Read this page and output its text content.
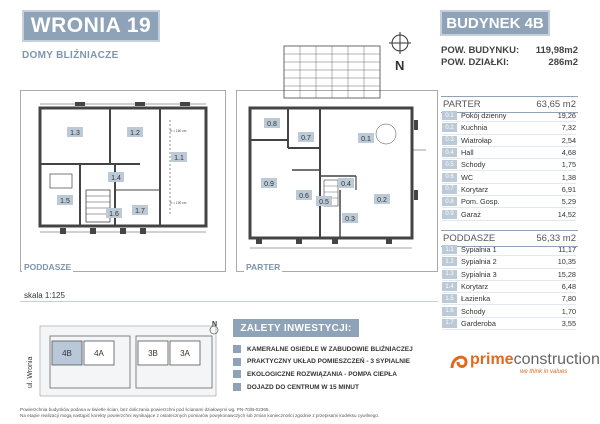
WRONIA 19
DOMY BLIŹNIACZE
N
BUDYNEK 4B
POW. BUDYNKU: 119,98m2
POW. DZIAŁKI:	286m2
PARTER	63,65 m2
0.1	Pokój dzienny	19,26
0.2	Kuchnia	7,32
0.3	Wiatrołap	2,54
0.4	Hall	4,68
0.5	Schody	1,75
0.6	WC	1,38
0.7	Korytarz	6,91
0.8	Pom. Gosp.	5,29
0.9	Garaż	14,52
PODDASZE	56,33 m2
1.1	Sypialnia 1	11,17
1.2	Sypialnia 2	10,35
1.3	Sypialnia 3	15,28
1.4	Korytarz	6,48
1.5	Łazienka	7,80
1.6	Schody	1,70
1.7	Garderoba	3,55
1.3	1.2
1.1
1.4
1.5
1.6 1.7
H = 160 cm
H = 190 cm
PODDASZE
0.8
0.7	0.1
0.9
0.6
0.5
0.4
0.2
0.3
PARTER
skala 1:125
4B	4A	3B	3A
ul. Wronia
N	ZALETY INWESTYCJI:
KAMERALNE OSIEDLE W ZABUDOWIE BLIŹNIACZEJ
PRAKTYCZNY UKŁAD POMIESZCZEŃ - 3 SYPIALNIE
EKOLOGICZNE ROZWIĄZANIA - POMPA CIEPŁA
DOJAZD DO CENTRUM W 15 MINUT
primeconstruction
we think in values
Powierzchnia budynków podana w świetle ścian, bez doliczania powierzchni pod ścianami działowymi wg. PN-70/B-02365.
Na etapie realizacji mogą nastąpić korekty powierzchni wynikające z ostatecznych pomiarów powykonawczych lub zmian konieczności zgodnie z przepisami kodeksu cywilnego.
